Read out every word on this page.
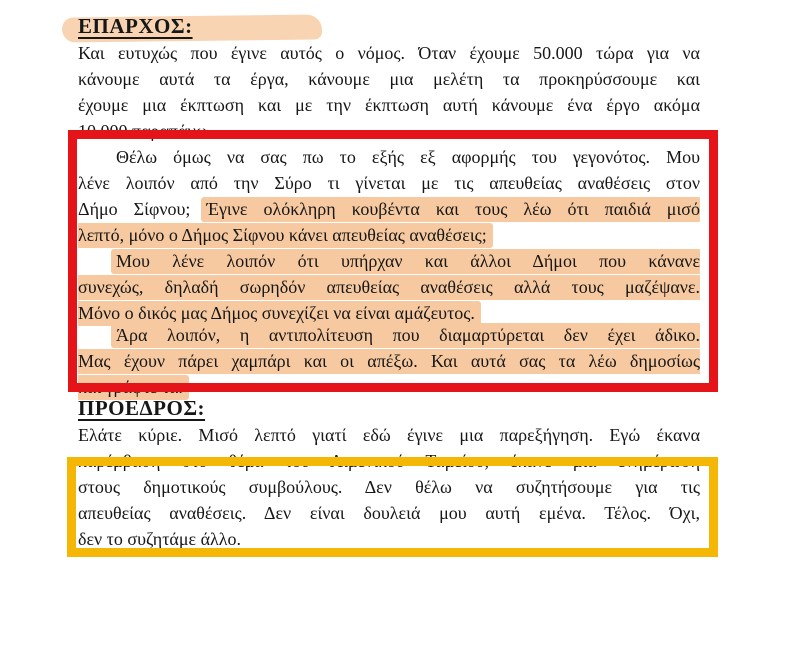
ΕΠΑΡΧΟΣ:
ΠΡΟΕΔΡΟΣ:
Και ευτυχώς που έγινε αυτός ο νόμος. Όταν έχουμε 50.000 τώρα για να
κάνουμε αυτά τα έργα, κάνουμε μια μελέτη τα προκηρύσσουμε και
έχουμε μια έκπτωση και με την έκπτωση αυτή κάνουμε ένα έργο ακόμα
10.000 παραπάνω.
Θέλω όμως να σας πω το εξής εξ αφορμής του γεγονότος. Μου
λένε λοιπόν από την Σύρο τι γίνεται με τις απευθείας αναθέσεις στον
Δήμο Σίφνου; Έγινε ολόκληρη κουβέντα και τους λέω ότι παιδιά μισό
λεπτό, μόνο ο Δήμος Σίφνου κάνει απευθείας αναθέσεις;
Μου λένε λοιπόν ότι υπήρχαν και άλλοι Δήμοι που κάνανε
συνεχώς, δηλαδή σωρηδόν απευθείας αναθέσεις αλλά τους μαζέψανε.
Μόνο ο δικός μας Δήμος συνεχίζει να είναι αμάζευτος.
Άρα λοιπόν, η αντιπολίτευση που διαμαρτύρεται δεν έχει άδικο.
Μας έχουν πάρει χαμπάρι και οι απέξω. Και αυτά σας τα λέω δημοσίως
και γράφτε τα.
Ελάτε κύριε. Μισό λεπτό γιατί εδώ έγινε μια παρεξήγηση. Εγώ έκανα
παρέμβαση στο θέμα του Λιμενικού Ταμείου, έκανε μια ενημέρωση
στους δημοτικούς συμβούλους. Δεν θέλω να συζητήσουμε για τις
απευθείας αναθέσεις. Δεν είναι δουλειά μου αυτή εμένα. Τέλος. Όχι,
δεν το συζητάμε άλλο.
